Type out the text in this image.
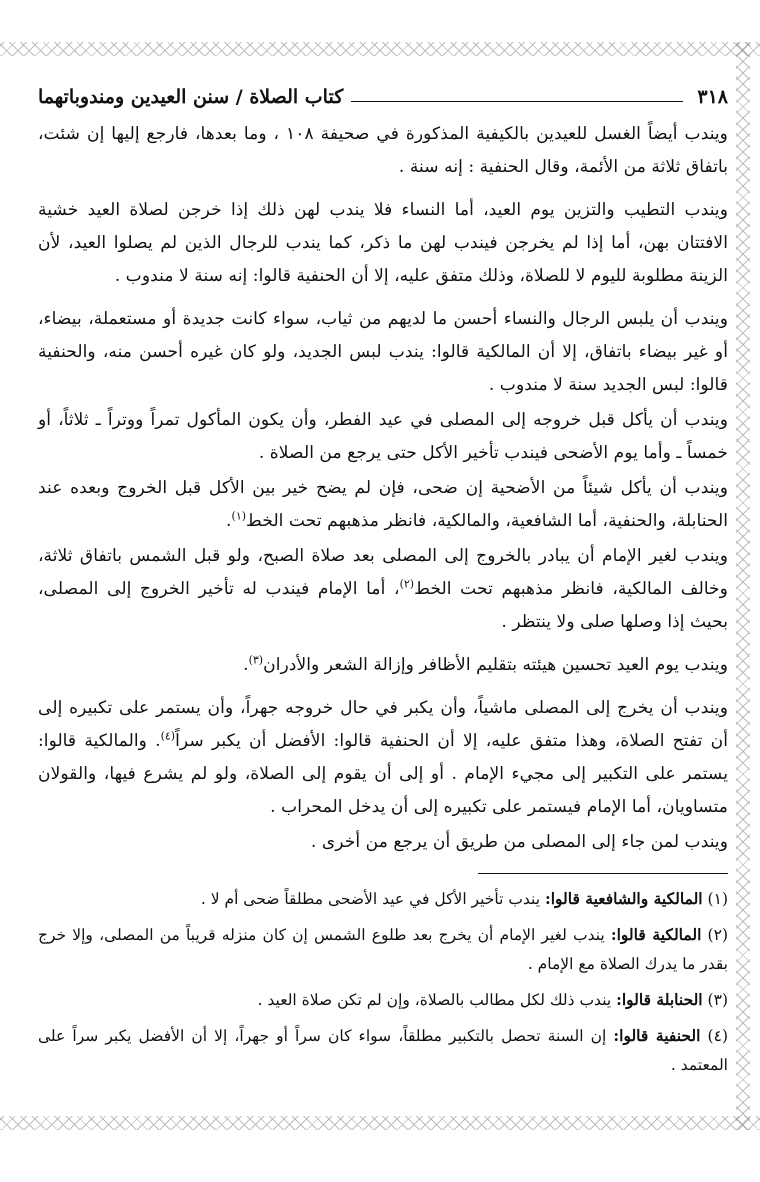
٣١٨
كتاب الصلاة / سنن العيدين ومندوباتهما

ويندب أيضاً الغسل للعيدين بالكيفية المذكورة في صحيفة ١٠٨ ، وما بعدها، فارجع إليها إن شئت، باتفاق ثلاثة من الأئمة، وقال الحنفية : إنه سنة .

ويندب التطيب والتزين يوم العيد، أما النساء فلا يندب لهن ذلك إذا خرجن لصلاة العيد خشية الافتتان بهن، أما إذا لم يخرجن فيندب لهن ما ذكر، كما يندب للرجال الذين لم يصلوا العيد، لأن الزينة مطلوبة لليوم لا للصلاة، وذلك متفق عليه، إلا أن الحنفية قالوا: إنه سنة لا مندوب .

ويندب أن يلبس الرجال والنساء أحسن ما لديهم من ثياب، سواء كانت جديدة أو مستعملة، بيضاء، أو غير بيضاء باتفاق، إلا أن المالكية قالوا: يندب لبس الجديد، ولو كان غيره أحسن منه، والحنفية قالوا: لبس الجديد سنة لا مندوب .

ويندب أن يأكل قبل خروجه إلى المصلى في عيد الفطر، وأن يكون المأكول تمراً ووتراً ـ ثلاثاً، أو خمساً ـ وأما يوم الأضحى فيندب تأخير الأكل حتى يرجع من الصلاة .

ويندب أن يأكل شيئاً من الأضحية إن ضحى، فإن لم يضح خير بين الأكل قبل الخروج وبعده عند الحنابلة، والحنفية، أما الشافعية، والمالكية، فانظر مذهبهم تحت الخط$^{(١)}$.

ويندب لغير الإمام أن يبادر بالخروج إلى المصلى بعد صلاة الصبح، ولو قبل الشمس باتفاق ثلاثة، وخالف المالكية، فانظر مذهبهم تحت الخط$^{(٢)}$، أما الإمام فيندب له تأخير الخروج إلى المصلى، بحيث إذا وصلها صلى ولا ينتظر .

ويندب يوم العيد تحسين هيئته بتقليم الأظافر وإزالة الشعر والأدران$^{(٣)}$.

ويندب أن يخرج إلى المصلى ماشياً، وأن يكبر في حال خروجه جهراً، وأن يستمر على تكبيره إلى أن تفتح الصلاة، وهذا متفق عليه، إلا أن الحنفية قالوا: الأفضل أن يكبر سراً$^{(٤)}$. والمالكية قالوا: يستمر على التكبير إلى مجيء الإمام . أو إلى أن يقوم إلى الصلاة، ولو لم يشرع فيها، والقولان متساويان، أما الإمام فيستمر على تكبيره إلى أن يدخل المحراب .

ويندب لمن جاء إلى المصلى من طريق أن يرجع من أخرى .

(١) المالكية والشافعية قالوا: يندب تأخير الأكل في عيد الأضحى مطلقاً ضحى أم لا .

(٢) المالكية قالوا: يندب لغير الإمام أن يخرج بعد طلوع الشمس إن كان منزله قريباً من المصلى، وإلا خرج بقدر ما يدرك الصلاة مع الإمام .

(٣) الحنابلة قالوا: يندب ذلك لكل مطالب بالصلاة، وإن لم تكن صلاة العيد .

(٤) الحنفية قالوا: إن السنة تحصل بالتكبير مطلقاً، سواء كان سراً أو جهراً، إلا أن الأفضل يكبر سراً على المعتمد .
